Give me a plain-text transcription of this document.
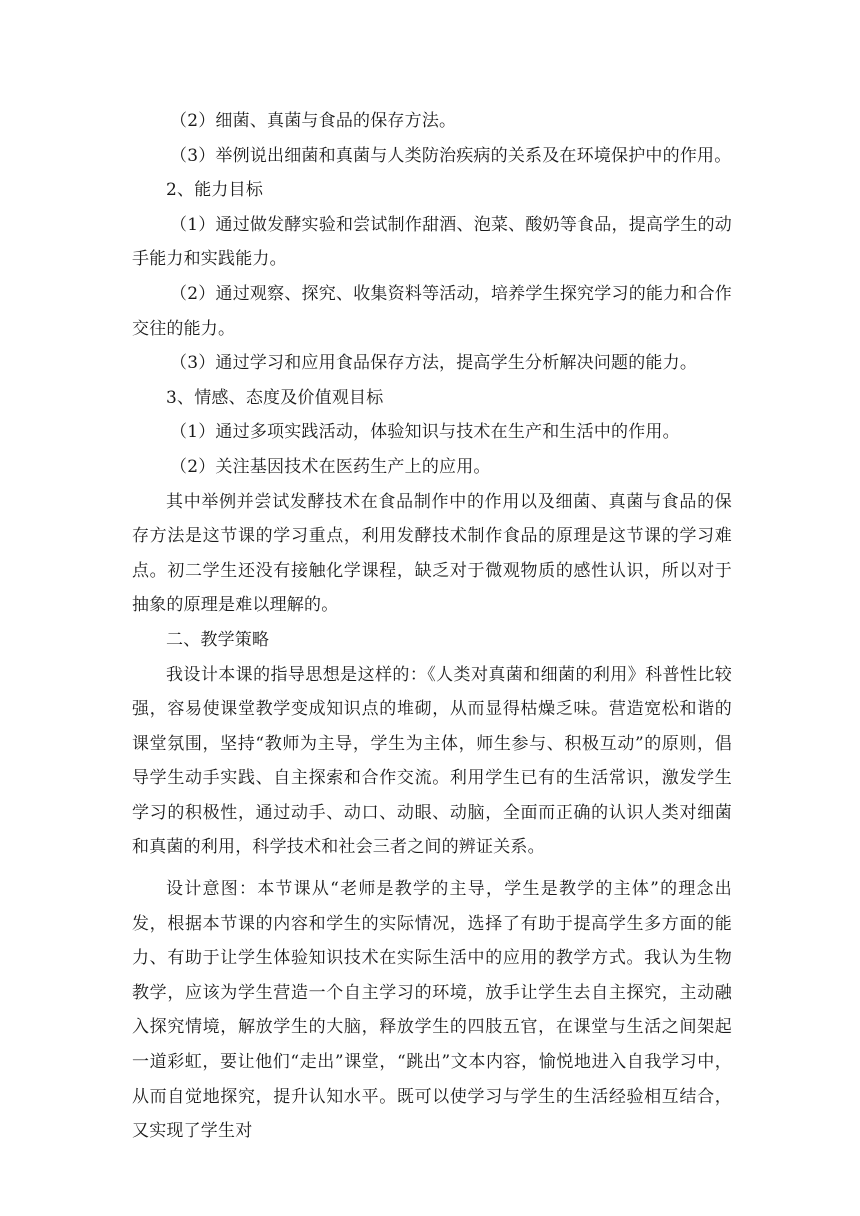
（2）细菌、真菌与食品的保存方法。

（3）举例说出细菌和真菌与人类防治疾病的关系及在环境保护中的作用。

2、能力目标

（1）通过做发酵实验和尝试制作甜酒、泡菜、酸奶等食品，提高学生的动手能力和实践能力。

（2）通过观察、探究、收集资料等活动，培养学生探究学习的能力和合作交往的能力。

（3）通过学习和应用食品保存方法，提高学生分析解决问题的能力。

3、情感、态度及价值观目标

（1）通过多项实践活动，体验知识与技术在生产和生活中的作用。

（2）关注基因技术在医药生产上的应用。

其中举例并尝试发酵技术在食品制作中的作用以及细菌、真菌与食品的保存方法是这节课的学习重点，利用发酵技术制作食品的原理是这节课的学习难点。初二学生还没有接触化学课程，缺乏对于微观物质的感性认识，所以对于抽象的原理是难以理解的。

二、教学策略

我设计本课的指导思想是这样的：《人类对真菌和细菌的利用》科普性比较强，容易使课堂教学变成知识点的堆砌，从而显得枯燥乏味。营造宽松和谐的课堂氛围，坚持“教师为主导，学生为主体，师生参与、积极互动”的原则，倡导学生动手实践、自主探索和合作交流。利用学生已有的生活常识，激发学生学习的积极性，通过动手、动口、动眼、动脑，全面而正确的认识人类对细菌和真菌的利用，科学技术和社会三者之间的辨证关系。

设计意图：本节课从“老师是教学的主导，学生是教学的主体”的理念出发，根据本节课的内容和学生的实际情况，选择了有助于提高学生多方面的能力、有助于让学生体验知识技术在实际生活中的应用的教学方式。我认为生物教学，应该为学生营造一个自主学习的环境，放手让学生去自主探究，主动融入探究情境，解放学生的大脑，释放学生的四肢五官，在课堂与生活之间架起一道彩虹，要让他们“走出”课堂，“跳出”文本内容，愉悦地进入自我学习中， 从而自觉地探究，提升认知水平。既可以使学习与学生的生活经验相互结合，又实现了学生对
